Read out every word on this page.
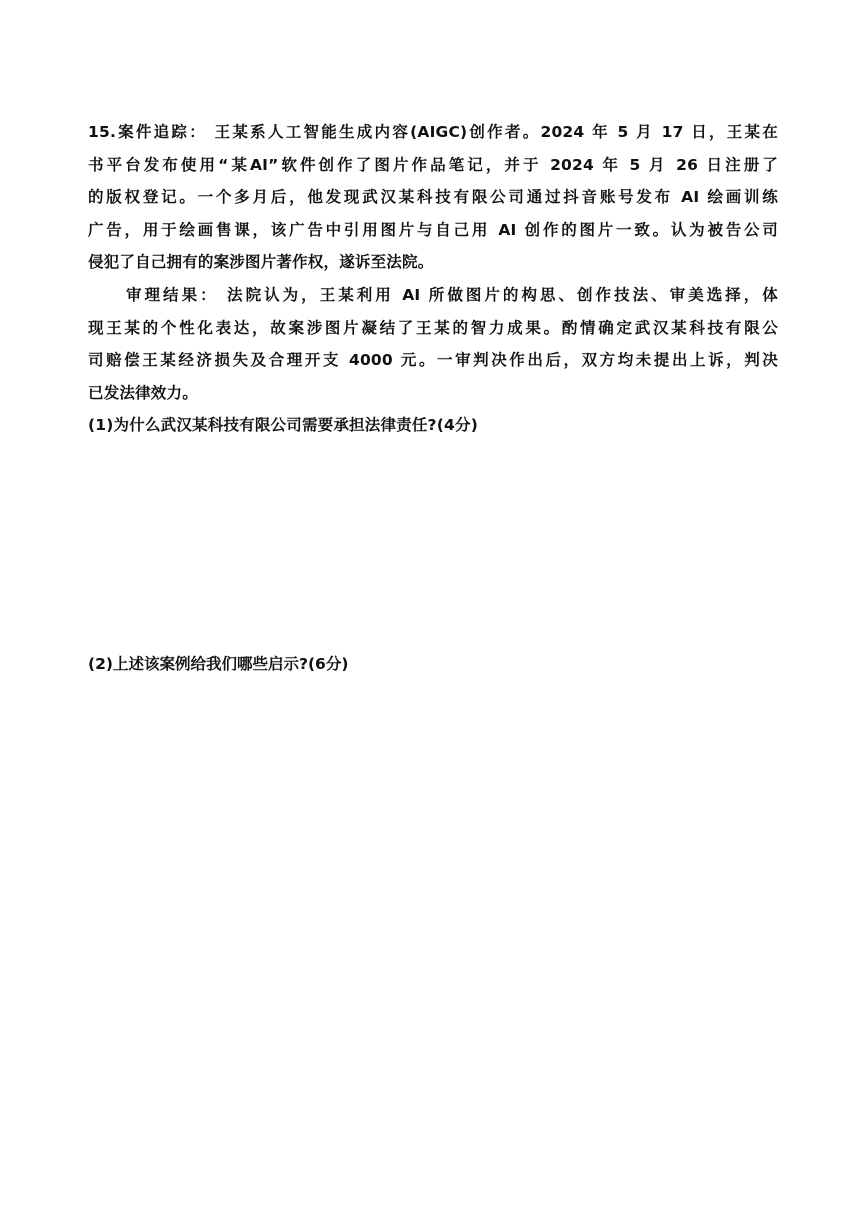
15.案件追踪： 王某系人工智能生成内容(AIGC)创作者。2024 年 5 月 17 日，王某在
书平台发布使用“某AI”软件创作了图片作品笔记，并于 2024 年 5 月 26 日注册了
的版权登记。一个多月后，他发现武汉某科技有限公司通过抖音账号发布 AI 绘画训练
广告，用于绘画售课，该广告中引用图片与自己用 AI 创作的图片一致。认为被告公司
侵犯了自己拥有的案涉图片著作权，遂诉至法院。
审理结果： 法院认为，王某利用 AI 所做图片的构思、创作技法、审美选择，体
现王某的个性化表达，故案涉图片凝结了王某的智力成果。酌情确定武汉某科技有限公
司赔偿王某经济损失及合理开支 4000 元。一审判决作出后，双方均未提出上诉，判决
已发法律效力。
(1)为什么武汉某科技有限公司需要承担法律责任?(4分)
(2)上述该案例给我们哪些启示?(6分)
